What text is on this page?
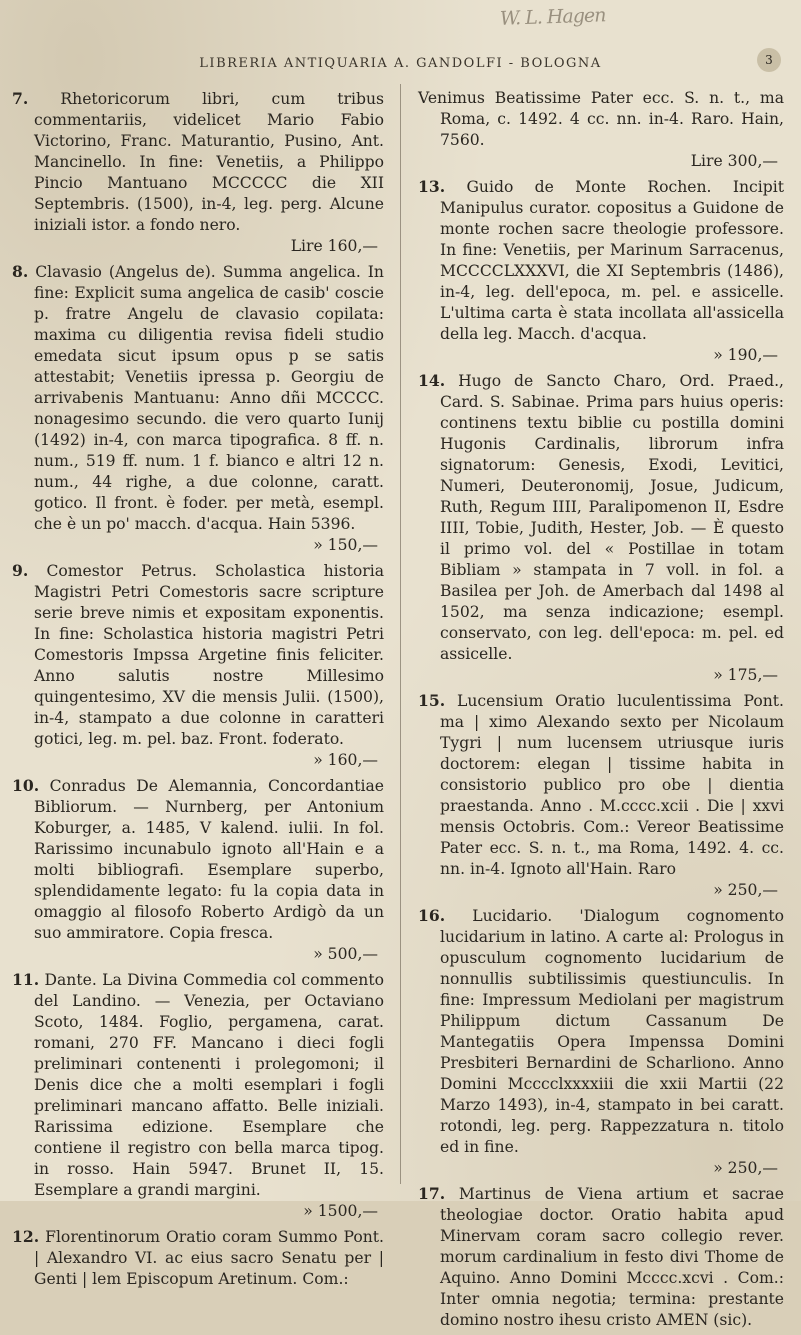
W. L. Hagen
LIBRERIA ANTIQUARIA A. GANDOLFI - BOLOGNA	3
7. Rhetoricorum libri, cum tribus commentariis, videlicet Mario Fabio Victorino, Franc. Maturantio, Pusino, Ant. Mancinello. In fine: Venetiis, a Philippo Pincio Mantuano MCCCCC die XII Septembris. (1500), in-4, leg. perg. Alcune iniziali istor. a fondo nero.
Lire 160,—
8. Clavasio (Angelus de). Summa angelica. In fine: Explicit suma angelica de casib' coscie p. fratre Angelu de clavasio copilata: maxima cu diligentia revisa fideli studio emedata sicut ipsum opus p se satis attestabit; Venetiis ipressa p. Georgiu de arrivabenis Mantuanu: Anno dñi MCCCC. nonagesimo secundo. die vero quarto Iunij (1492) in-4, con marca tipografica. 8 ff. n. num., 519 ff. num. 1 f. bianco e altri 12 n. num., 44 righe, a due colonne, caratt. gotico. Il front. è foder. per metà, esempl. che è un po' macch. d'acqua. Hain 5396.
» 150,—
9. Comestor Petrus. Scholastica historia Magistri Petri Comestoris sacre scripture serie breve nimis et expositam exponentis. In fine: Scholastica historia magistri Petri Comestoris Impssa Argetine finis feliciter. Anno salutis nostre Millesimo quingentesimo, XV die mensis Julii. (1500), in-4, stampato a due colonne in caratteri gotici, leg. m. pel. baz. Front. foderato.
» 160,—
10. Conradus De Alemannia, Concordantiae Bibliorum. — Nurnberg, per Antonium Koburger, a. 1485, V kalend. iulii. In fol. Rarissimo incunabulo ignoto all'Hain e a molti bibliografi. Esemplare superbo, splendidamente legato: fu la copia data in omaggio al filosofo Roberto Ardigò da un suo ammiratore. Copia fresca.
» 500,—
11. Dante. La Divina Commedia col commento del Landino. — Venezia, per Octaviano Scoto, 1484. Foglio, pergamena, carat. romani, 270 FF. Mancano i dieci fogli preliminari contenenti i prolegomoni; il Denis dice che a molti esemplari i fogli preliminari mancano affatto. Belle iniziali. Rarissima edizione. Esemplare che contiene il registro con bella marca tipog. in rosso. Hain 5947. Brunet II, 15. Esemplare a grandi margini.
» 1500,—
12. Florentinorum Oratio coram Summo Pont. | Alexandro VI. ac eius sacro Senatu per | Genti | lem Episcopum Aretinum. Com.:
Venimus Beatissime Pater ecc. S. n. t., ma Roma, c. 1492. 4 cc. nn. in-4. Raro. Hain, 7560.
Lire 300,—
13. Guido de Monte Rochen. Incipit Manipulus curator. copositus a Guidone de monte rochen sacre theologie professore. In fine: Venetiis, per Marinum Sarracenus, MCCCCLXXXVI, die XI Septembris (1486), in-4, leg. dell'epoca, m. pel. e assicelle. L'ultima carta è stata incollata all'assicella della leg. Macch. d'acqua.
» 190,—
14. Hugo de Sancto Charo, Ord. Praed., Card. S. Sabinae. Prima pars huius operis: continens textu biblie cu postilla domini Hugonis Cardinalis, librorum infra signatorum: Genesis, Exodi, Levitici, Numeri, Deuteronomij, Josue, Judicum, Ruth, Regum IIII, Paralipomenon II, Esdre IIII, Tobie, Judith, Hester, Job. — È questo il primo vol. del « Postillae in totam Bibliam » stampata in 7 voll. in fol. a Basilea per Joh. de Amerbach dal 1498 al 1502, ma senza indicazione; esempl. conservato, con leg. dell'epoca: m. pel. ed assicelle.
» 175,—
15. Lucensium Oratio luculentissima Pont. ma | ximo Alexando sexto per Nicolaum Tygri | num lucensem utriusque iuris doctorem: elegan | tissime habita in consistorio publico pro obe | dientia praestanda. Anno . M.cccc.xcii . Die | xxvi mensis Octobris. Com.: Vereor Beatissime Pater ecc. S. n. t., ma Roma, 1492. 4. cc. nn. in-4. Ignoto all'Hain. Raro
» 250,—
16. Lucidario. 'Dialogum cognomento lucidarium in latino. A carte al: Prologus in opusculum cognomento lucidarium de nonnullis subtilissimis questiunculis. In fine: Impressum Mediolani per magistrum Philippum dictum Cassanum De Mantegatiis Opera Impenssa Domini Presbiteri Bernardini de Scharliono. Anno Domini Mcccclxxxxiii die xxii Martii (22 Marzo 1493), in-4, stampato in bei caratt. rotondi, leg. perg. Rappezzatura n. titolo ed in fine.
» 250,—
17. Martinus de Viena artium et sacrae theologiae doctor. Oratio habita apud Minervam coram sacro collegio rever. morum cardinalium in festo divi Thome de Aquino. Anno Domini Mcccc.xcvi . Com.: Inter omnia negotia; termina: prestante domino nostro ihesu cristo AMEN (sic).
